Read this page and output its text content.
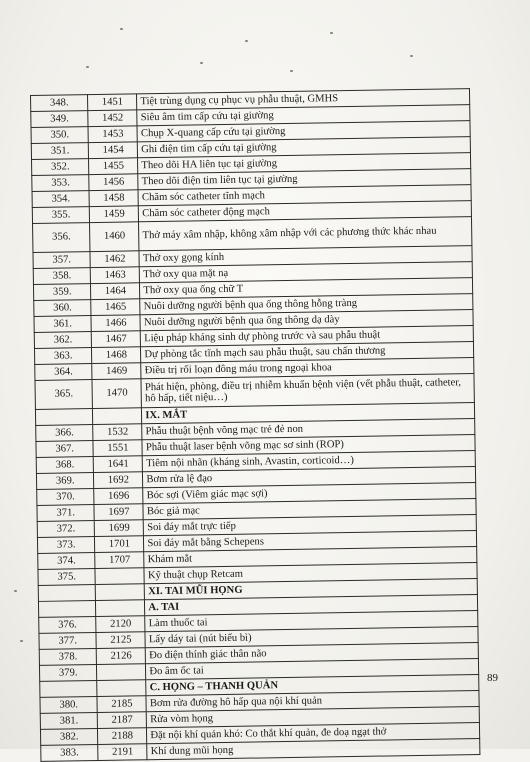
348.	1451	Tiệt trùng dụng cụ phục vụ phẫu thuật, GMHS
349.	1452	Siêu âm tim cấp cứu tại giường
350.	1453	Chụp X-quang cấp cứu tại giường
351.	1454	Ghi điện tim cấp cứu tại giường
352.	1455	Theo dõi HA liên tục tại giường
353.	1456	Theo dõi điện tim liên tục tại giường
354.	1458	Chăm sóc catheter tĩnh mạch
355.	1459	Chăm sóc catheter động mạch
356.	1460	Thở máy xâm nhập, không xâm nhập với các phương thức khác nhau
357.	1462	Thở oxy gọng kính
358.	1463	Thở oxy qua mặt nạ
359.	1464	Thở oxy qua ống chữ T
360.	1465	Nuôi dưỡng người bệnh qua ống thông hỗng tràng
361.	1466	Nuôi dưỡng người bệnh qua ống thông dạ dày
362.	1467	Liệu pháp kháng sinh dự phòng trước và sau phẫu thuật
363.	1468	Dự phòng tắc tĩnh mạch sau phẫu thuật, sau chấn thương
364.	1469	Điều trị rối loạn đông máu trong ngoại khoa
365.	1470	Phát hiện, phòng, điều trị nhiễm khuẩn bệnh viện (vết phẫu thuật, catheter, hô hấp, tiết niệu…)
		IX. MẮT
366.	1532	Phẫu thuật bệnh võng mạc trẻ đẻ non
367.	1551	Phẫu thuật laser bệnh võng mạc sơ sinh (ROP)
368.	1641	Tiêm nội nhãn (kháng sinh, Avastin, corticoid…)
369.	1692	Bơm rửa lệ đạo
370.	1696	Bóc sợi (Viêm giác mạc sợi)
371.	1697	Bóc giả mạc
372.	1699	Soi đáy mắt trực tiếp
373.	1701	Soi đáy mắt bằng Schepens
374.	1707	Khám mắt
375.		Kỹ thuật chụp Retcam
		XI. TAI MŨI HỌNG
		A. TAI
376.	2120	Làm thuốc tai
377.	2125	Lấy dáy tai (nút biểu bì)
378.	2126	Đo điện thính giác thân não
379.		Đo âm ốc tai
		C. HỌNG – THANH QUẢN
380.	2185	Bơm rửa đường hô hấp qua nội khí quản
381.	2187	Rửa vòm họng
382.	2188	Đặt nội khí quản khó: Co thắt khí quản, đe doạ ngạt thở
383.	2191	Khí dung mũi họng
89
